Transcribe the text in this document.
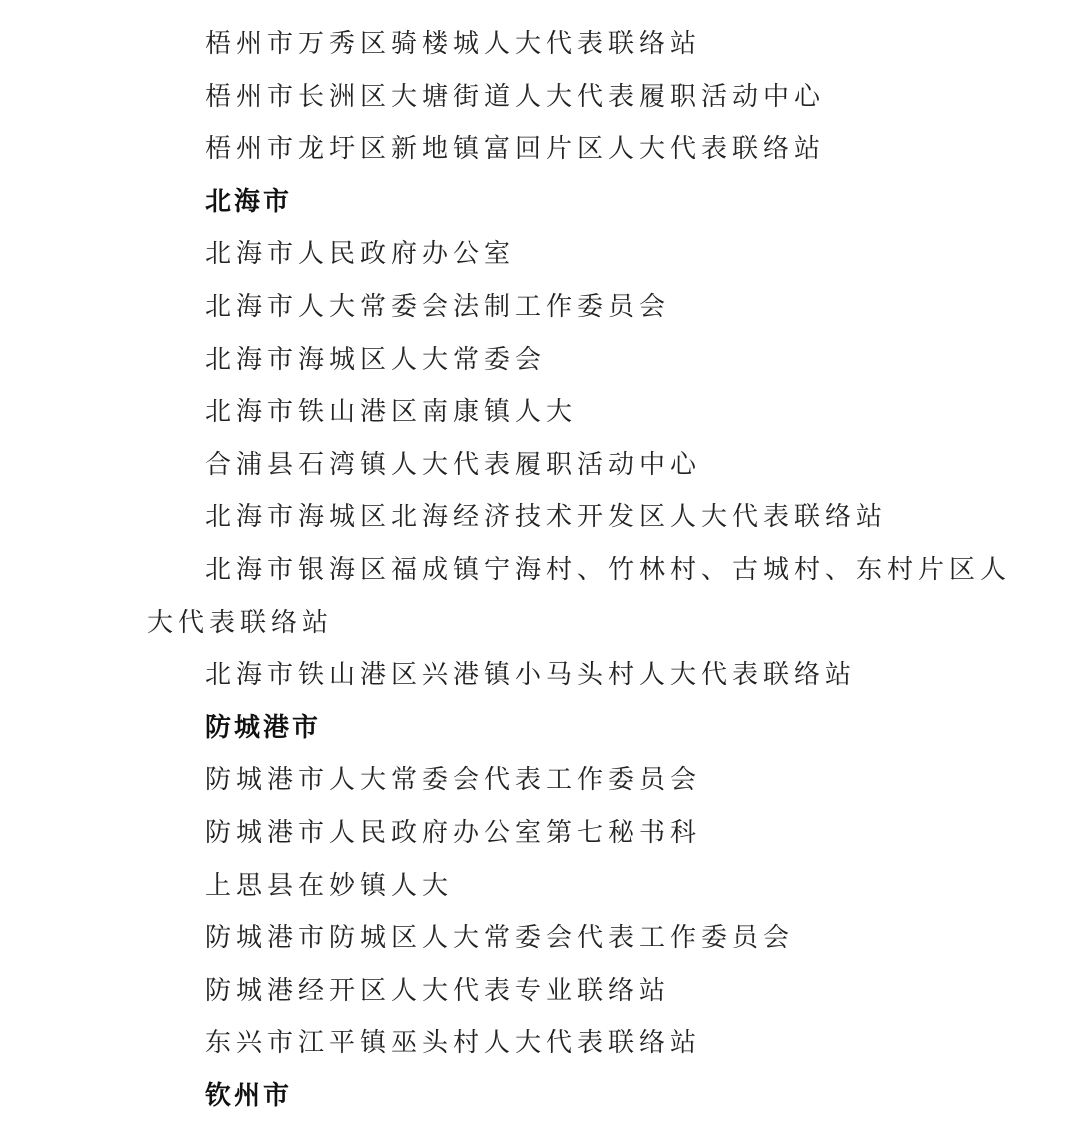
梧州市万秀区骑楼城人大代表联络站
梧州市长洲区大塘街道人大代表履职活动中心
梧州市龙圩区新地镇富回片区人大代表联络站
北海市
北海市人民政府办公室
北海市人大常委会法制工作委员会
北海市海城区人大常委会
北海市铁山港区南康镇人大
合浦县石湾镇人大代表履职活动中心
北海市海城区北海经济技术开发区人大代表联络站
北海市银海区福成镇宁海村、竹林村、古城村、东村片区人
大代表联络站
北海市铁山港区兴港镇小马头村人大代表联络站
防城港市
防城港市人大常委会代表工作委员会
防城港市人民政府办公室第七秘书科
上思县在妙镇人大
防城港市防城区人大常委会代表工作委员会
防城港经开区人大代表专业联络站
东兴市江平镇巫头村人大代表联络站
钦州市
